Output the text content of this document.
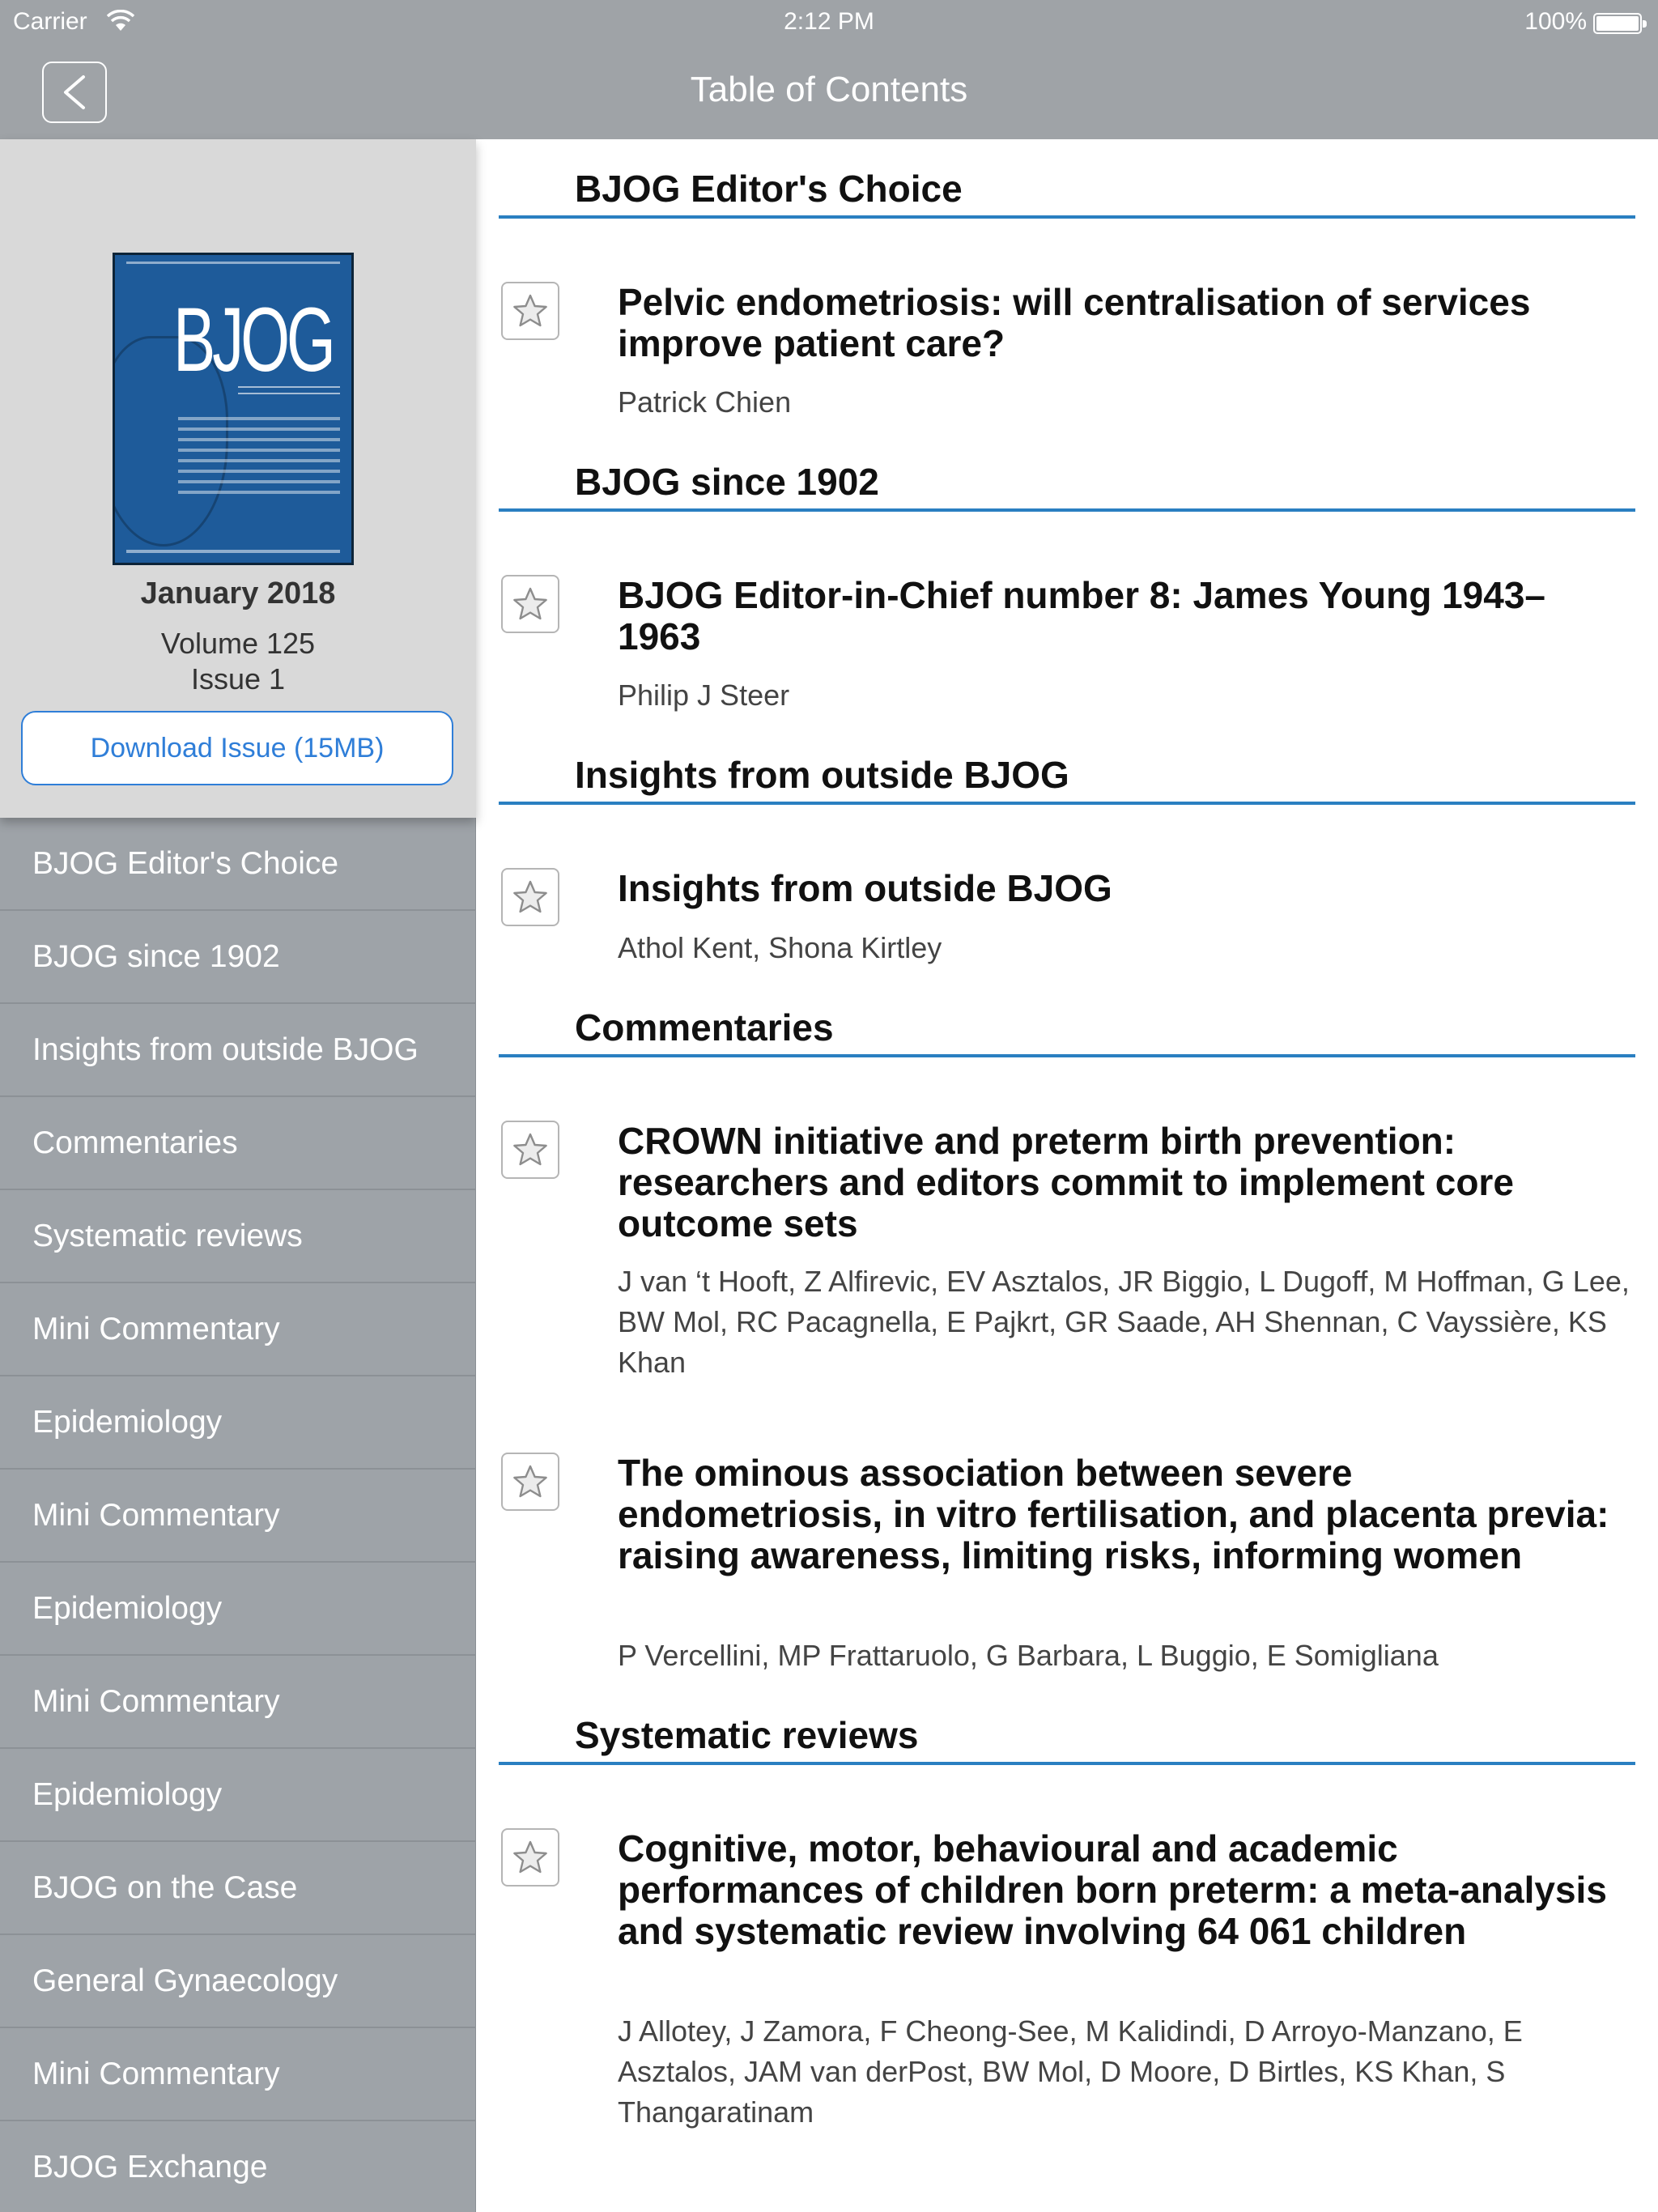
Carrier	2:12 PM	100%
Table of Contents
BJOG
January 2018
Volume 125
Issue 1
Download Issue (15MB)
BJOG Editor's Choice
BJOG since 1902
Insights from outside BJOG
Commentaries
Systematic reviews
Mini Commentary
Epidemiology
Mini Commentary
Epidemiology
Mini Commentary
Epidemiology
BJOG on the Case
General Gynaecology
Mini Commentary
BJOG Exchange
BJOG Editor's Choice
Pelvic endometriosis: will centralisation of services improve patient care?
Patrick Chien
BJOG since 1902
BJOG Editor-in-Chief number 8: James Young 1943–1963
Philip J Steer
Insights from outside BJOG
Insights from outside BJOG
Athol Kent, Shona Kirtley
Commentaries
CROWN initiative and preterm birth prevention: researchers and editors commit to implement core outcome sets
J van ‘t Hooft, Z Alfirevic, EV Asztalos, JR Biggio, L Dugoff, M Hoffman, G Lee, BW Mol, RC Pacagnella, E Pajkrt, GR Saade, AH Shennan, C Vayssière, KS Khan
The ominous association between severe endometriosis, in vitro fertilisation, and placenta previa: raising awareness, limiting risks, informing women
P Vercellini, MP Frattaruolo, G Barbara, L Buggio, E Somigliana
Systematic reviews
Cognitive, motor, behavioural and academic performances of children born preterm: a meta-analysis and systematic review involving 64 061 children
J Allotey, J Zamora, F Cheong-See, M Kalidindi, D Arroyo-Manzano, E Asztalos, JAM van derPost, BW Mol, D Moore, D Birtles, KS Khan, S Thangaratinam
